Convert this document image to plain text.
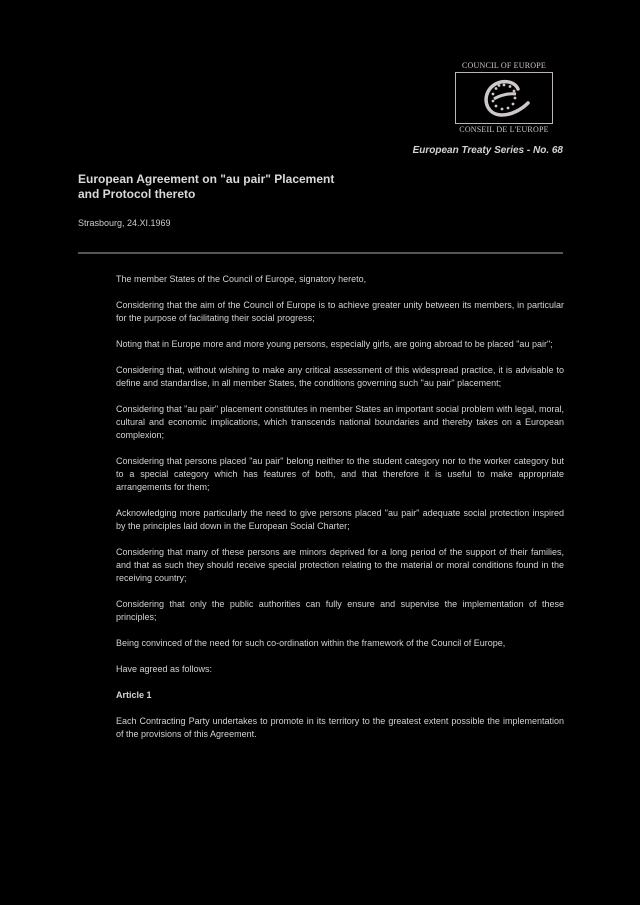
COUNCIL OF EUROPE
CONSEIL DE L'EUROPE
European Treaty Series - No. 68
European Agreement on "au pair" Placement
and Protocol thereto
Strasbourg, 24.XI.1969

The member States of the Council of Europe, signatory hereto,

Considering that the aim of the Council of Europe is to achieve greater unity between its members, in particular for the purpose of facilitating their social progress;

Noting that in Europe more and more young persons, especially girls, are going abroad to be placed "au pair";

Considering that, without wishing to make any critical assessment of this widespread practice, it is advisable to define and standardise, in all member States, the conditions governing such "au pair" placement;

Considering that "au pair" placement constitutes in member States an important social problem with legal, moral, cultural and economic implications, which transcends national boundaries and thereby takes on a European complexion;

Considering that persons placed "au pair" belong neither to the student category nor to the worker category but to a special category which has features of both, and that therefore it is useful to make appropriate arrangements for them;

Acknowledging more particularly the need to give persons placed "au pair" adequate social protection inspired by the principles laid down in the European Social Charter;

Considering that many of these persons are minors deprived for a long period of the support of their families, and that as such they should receive special protection relating to the material or moral conditions found in the receiving country;

Considering that only the public authorities can fully ensure and supervise the implementation of these principles;

Being convinced of the need for such co-ordination within the framework of the Council of Europe,

Have agreed as follows:

Article 1

Each Contracting Party undertakes to promote in its territory to the greatest extent possible the implementation of the provisions of this Agreement.
